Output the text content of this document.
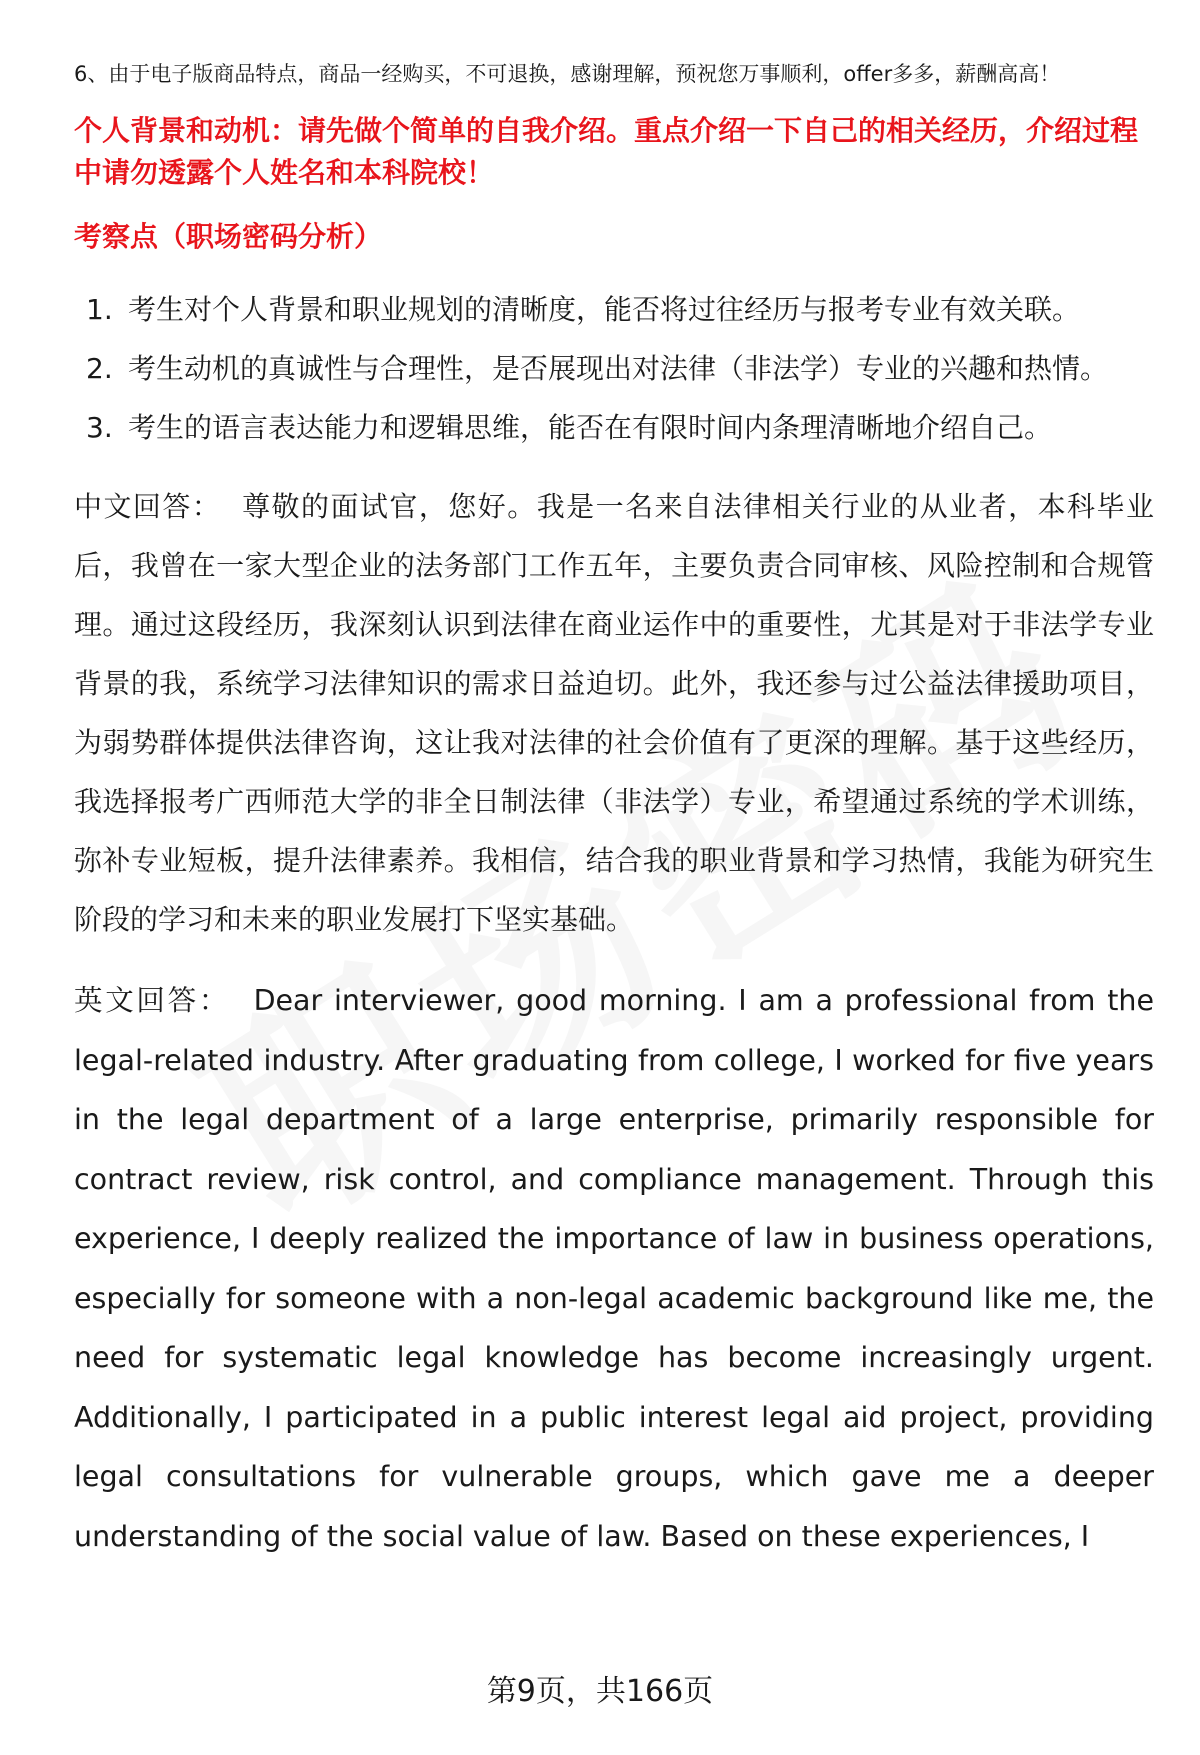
6、由于电子版商品特点，商品一经购买，不可退换，感谢理解，预祝您万事顺利，offer多多，薪酬高高！

个人背景和动机：请先做个简单的自我介绍。重点介绍一下自己的相关经历，介绍过程中请勿透露个人姓名和本科院校！

考察点（职场密码分析）

1. 考生对个人背景和职业规划的清晰度，能否将过往经历与报考专业有效关联。
2. 考生动机的真诚性与合理性，是否展现出对法律（非法学）专业的兴趣和热情。
3. 考生的语言表达能力和逻辑思维，能否在有限时间内条理清晰地介绍自己。

中文回答： 尊敬的面试官，您好。我是一名来自法律相关行业的从业者，本科毕业后，我曾在一家大型企业的法务部门工作五年，主要负责合同审核、风险控制和合规管理。通过这段经历，我深刻认识到法律在商业运作中的重要性，尤其是对于非法学专业背景的我，系统学习法律知识的需求日益迫切。此外，我还参与过公益法律援助项目，为弱势群体提供法律咨询，这让我对法律的社会价值有了更深的理解。基于这些经历，我选择报考广西师范大学的非全日制法律（非法学）专业，希望通过系统的学术训练，弥补专业短板，提升法律素养。我相信，结合我的职业背景和学习热情，我能为研究生阶段的学习和未来的职业发展打下坚实基础。

英文回答： Dear interviewer, good morning. I am a professional from the legal-related industry. After graduating from college, I worked for five years in the legal department of a large enterprise, primarily responsible for contract review, risk control, and compliance management. Through this experience, I deeply realized the importance of law in business operations, especially for someone with a non-legal academic background like me, the need for systematic legal knowledge has become increasingly urgent. Additionally, I participated in a public interest legal aid project, providing legal consultations for vulnerable groups, which gave me a deeper understanding of the social value of law. Based on these experiences, I

第9页，共166页
